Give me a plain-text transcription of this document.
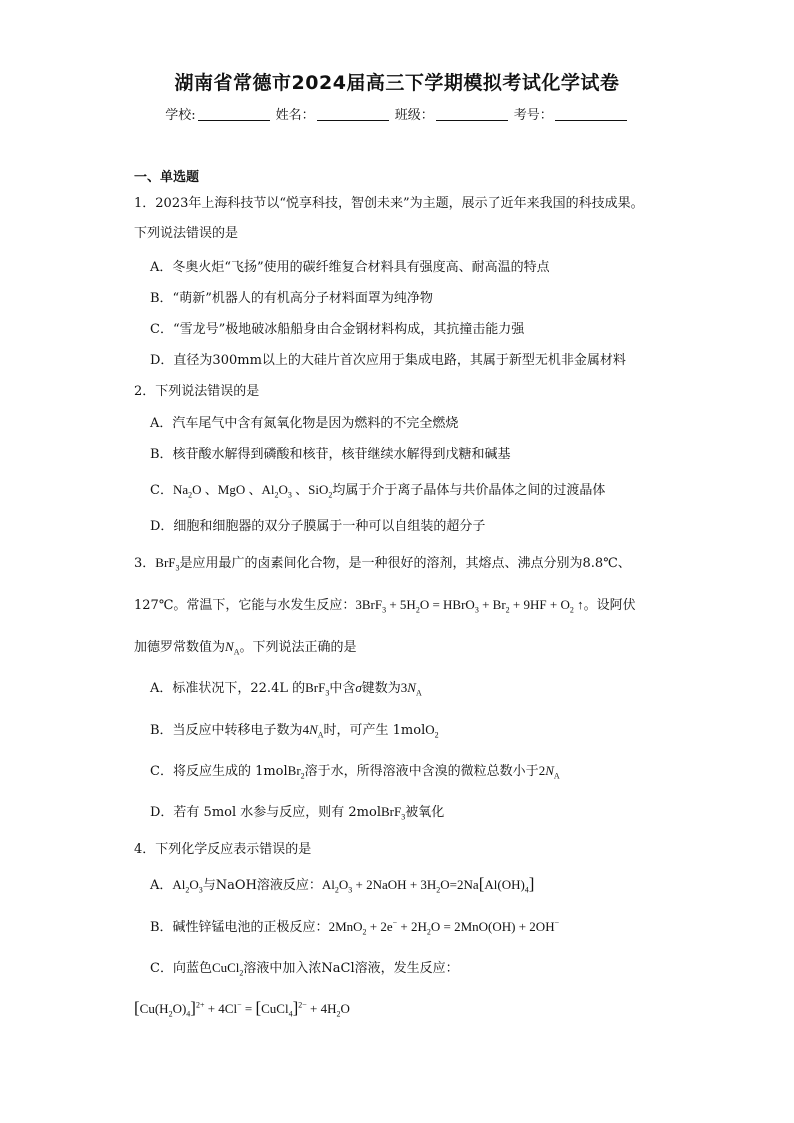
湖南省常德市2024届高三下学期模拟考试化学试卷
学校:	姓名：	班级：	考号：
一、单选题
1．2023年上海科技节以“悦享科技，智创未来”为主题，展示了近年来我国的科技成果。
下列说法错误的是
A．冬奥火炬“飞扬”使用的碳纤维复合材料具有强度高、耐高温的特点
B．“萌新”机器人的有机高分子材料面罩为纯净物
C．“雪龙号”极地破冰船船身由合金钢材料构成，其抗撞击能力强
D．直径为300mm以上的大硅片首次应用于集成电路，其属于新型无机非金属材料
2．下列说法错误的是
A．汽车尾气中含有氮氧化物是因为燃料的不完全燃烧
B．核苷酸水解得到磷酸和核苷，核苷继续水解得到戊糖和碱基
C．$Na_2O$ 、MgO 、$Al_2O_3$ 、SiO$_2$均属于介于离子晶体与共价晶体之间的过渡晶体
D．细胞和细胞器的双分子膜属于一种可以自组装的超分子
3．BrF$_3$是应用最广的卤素间化合物，是一种很好的溶剂，其熔点、沸点分别为8.8℃、
127℃。常温下，它能与水发生反应：$3BrF_3 + 5H_2O$ = HBrO$_3$ + $Br_2 + 9HF + O_2$ ↑。设阿伏
加德罗常数值为$N_A$。下列说法正确的是
A．标准状况下，22.4L 的BrF$_3$中含σ键数为$3N_A$
B．当反应中转移电子数为$4N_A$时，可产生 1molO$_2$
C．将反应生成的 1molBr$_2$溶于水，所得溶液中含溴的微粒总数小于$2N_A$
D．若有 5mol 水参与反应，则有 2molBrF$_3$被氧化
4．下列化学反应表示错误的是
A．$Al_2O_3$与NaOH溶液反应：$Al_2O_3$ + 2NaOH + $3H_2O=2Na[Al(OH)_4]$
B．碱性锌锰电池的正极反应：$2MnO_2 + 2e^- + 2H_2O = 2MnO(OH) + 2OH^-$
C．向蓝色CuCl$_2$溶液中加入浓NaCl溶液，发生反应：
$[Cu(H_2O)_4]^{2+} + 4Cl^-$ = [CuCl$_4$]$^{2-}$ + $4H_2O$
